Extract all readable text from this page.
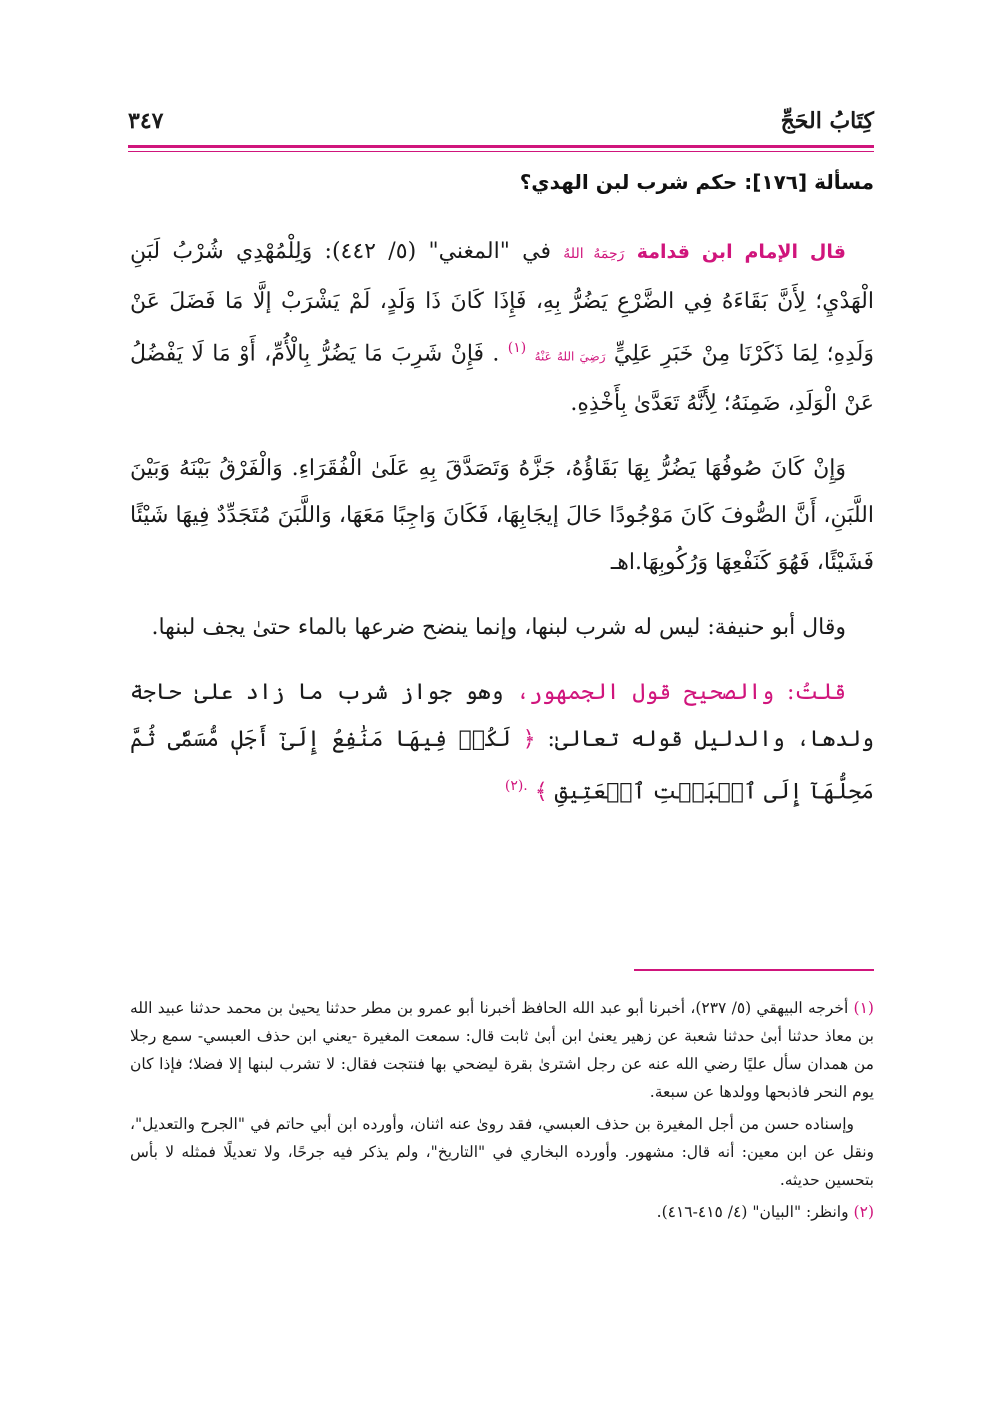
كِتَابُ الحَجِّ
٣٤٧
مسألة [١٧٦]: حكم شرب لبن الهدي؟

قال الإمام ابن قدامة رَحِمَهُ اللهُ في "المغني" (٥/ ٤٤٢): وَلِلْمُهْدِي شُرْبُ لَبَنِ الْهَدْيِ؛ لِأَنَّ بَقَاءَهُ فِي الضَّرْعِ يَضُرُّ بِهِ، فَإِذَا كَانَ ذَا وَلَدٍ، لَمْ يَشْرَبْ إلَّا مَا فَضَلَ عَنْ وَلَدِهِ؛ لِمَا ذَكَرْنَا مِنْ خَبَرِ عَلِيٍّ رَضِيَ اللهُ عَنْهُ $^{(١)}$ . فَإِنْ شَرِبَ مَا يَضُرُّ بِالْأُمِّ، أَوْ مَا لَا يَفْضُلُ عَنْ الْوَلَدِ، ضَمِنَهُ؛ لِأَنَّهُ تَعَدَّىٰ بِأَخْذِهِ.

وَإِنْ كَانَ صُوفُهَا يَضُرُّ بِهَا بَقَاؤُهُ، جَزَّهُ وَتَصَدَّقَ بِهِ عَلَىٰ الْفُقَرَاءِ. وَالْفَرْقُ بَيْنَهُ وَبَيْنَ اللَّبَنِ، أَنَّ الصُّوفَ كَانَ مَوْجُودًا حَالَ إيجَابِهَا، فَكَانَ وَاجِبًا مَعَهَا، وَاللَّبَنَ مُتَجَدِّدٌ فِيهَا شَيْئًا فَشَيْئًا، فَهُوَ كَنَفْعِهَا وَرُكُوبِهَا.اهـ

وقال أبو حنيفة: ليس له شرب لبنها، وإنما ينضح ضرعها بالماء حتىٰ يجف لبنها.

قلتُ: والصحيح قول الجمهور، وهو جواز شرب ما زاد علىٰ حاجة ولدها، والدليل قوله تعالىٰ: ﴿ لَكُمۡ فِيهَا مَنَٰفِعُ إِلَىٰٓ أَجَلٖ مُّسَمّٗى ثُمَّ مَحِلُّهَآ إِلَى ٱلۡبَيۡتِ ٱلۡعَتِيقِ ﴾ $^{.(٢)}$

(١) أخرجه البيهقي (٥/ ٢٣٧)، أخبرنا أبو عبد الله الحافظ أخبرنا أبو عمرو بن مطر حدثنا يحيىٰ بن محمد حدثنا عبيد الله بن معاذ حدثنا أبىٰ حدثنا شعبة عن زهير يعنىٰ ابن أبىٰ ثابت قال: سمعت المغيرة -يعني ابن حذف العبسي- سمع رجلا من همدان سأل عليًا رضي الله عنه عن رجل اشترىٰ بقرة ليضحي بها فنتجت فقال: لا تشرب لبنها إلا فضلا؛ فإذا كان يوم النحر فاذبحها وولدها عن سبعة.

وإسناده حسن من أجل المغيرة بن حذف العبسي، فقد روىٰ عنه اثنان، وأورده ابن أبي حاتم في "الجرح والتعديل"، ونقل عن ابن معين: أنه قال: مشهور. وأورده البخاري في "التاريخ"، ولم يذكر فيه جرحًا، ولا تعديلًا فمثله لا بأس بتحسين حديثه.

(٢) وانظر: "البيان" (٤/ ٤١٥-٤١٦).
